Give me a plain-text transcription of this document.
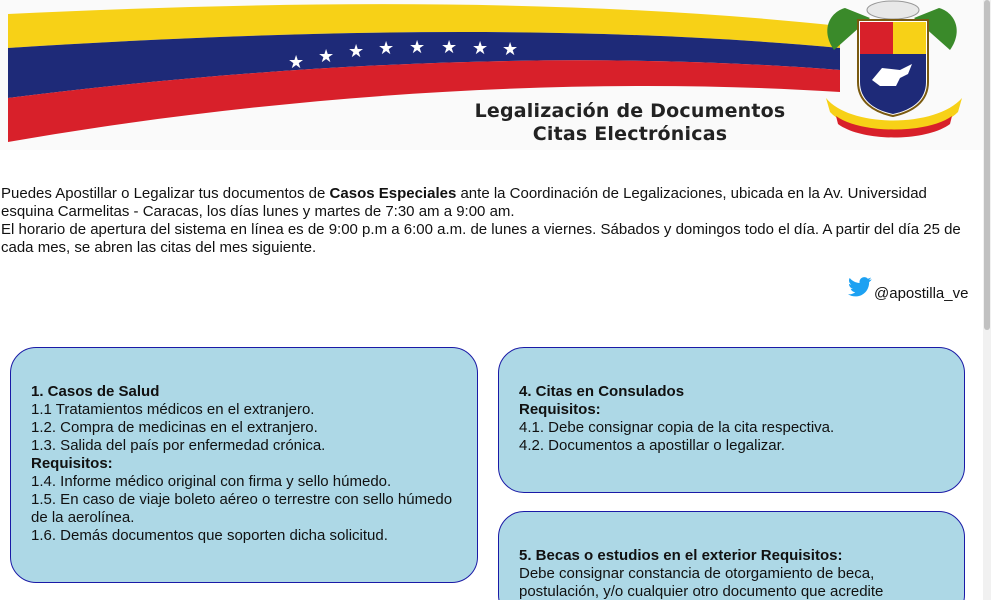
★ ★ ★ ★ ★ ★ ★ ★
Legalización de Documentos
Citas Electrónicas

Puedes Apostillar o Legalizar tus documentos de Casos Especiales ante la Coordinación de Legalizaciones, ubicada en la Av. Universidad esquina Carmelitas - Caracas, los días lunes y martes de 7:30 am a 9:00 am.

El horario de apertura del sistema en línea es de 9:00 p.m a 6:00 a.m. de lunes a viernes. Sábados y domingos todo el día. A partir del día 25 de cada mes, se abren las citas del mes siguiente.

@apostilla_ve
1. Casos de Salud
1.1 Tratamientos médicos en el extranjero.
1.2. Compra de medicinas en el extranjero.
1.3. Salida del país por enfermedad crónica.
Requisitos:
1.4. Informe médico original con firma y sello húmedo.
1.5. En caso de viaje boleto aéreo o terrestre con sello húmedo de la aerolínea.
1.6. Demás documentos que soporten dicha solicitud.
4. Citas en Consulados
Requisitos:
4.1. Debe consignar copia de la cita respectiva.
4.2. Documentos a apostillar o legalizar.
5. Becas o estudios en el exterior Requisitos:
Debe consignar constancia de otorgamiento de beca, postulación, y/o cualquier otro documento que acredite
